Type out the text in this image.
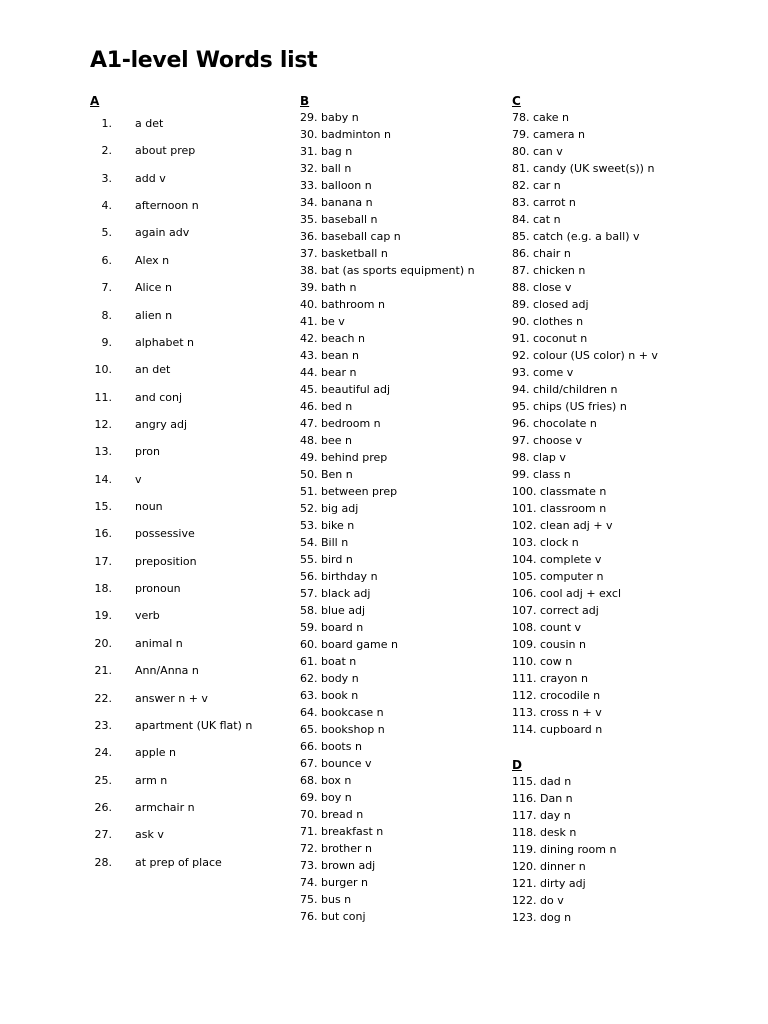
A1-level Words list
A
1. a det
2. about prep
3. add v
4. afternoon n
5. again adv
6. Alex n
7. Alice n
8. alien n
9. alphabet n
10. an det
11. and conj
12. angry adj
13. pron
14. v
15. noun
16. possessive
17. preposition
18. pronoun
19. verb
20. animal n
21. Ann/Anna n
22. answer n + v
23. apartment (UK flat) n
24. apple n
25. arm n
26. armchair n
27. ask v
28. at prep of place
B
29. baby n
30. badminton n
31. bag n
32. ball n
33. balloon n
34. banana n
35. baseball n
36. baseball cap n
37. basketball n
38. bat (as sports equipment) n
39. bath n
40. bathroom n
41. be v
42. beach n
43. bean n
44. bear n
45. beautiful adj
46. bed n
47. bedroom n
48. bee n
49. behind prep
50. Ben n
51. between prep
52. big adj
53. bike n
54. Bill n
55. bird n
56. birthday n
57. black adj
58. blue adj
59. board n
60. board game n
61. boat n
62. body n
63. book n
64. bookcase n
65. bookshop n
66. boots n
67. bounce v
68. box n
69. boy n
70. bread n
71. breakfast n
72. brother n
73. brown adj
74. burger n
75. bus n
76. but conj
C
78. cake n
79. camera n
80. can v
81. candy (UK sweet(s)) n
82. car n
83. carrot n
84. cat n
85. catch (e.g. a ball) v
86. chair n
87. chicken n
88. close v
89. closed adj
90. clothes n
91. coconut n
92. colour (US color) n + v
93. come v
94. child/children n
95. chips (US fries) n
96. chocolate n
97. choose v
98. clap v
99. class n
100. classmate n
101. classroom n
102. clean adj + v
103. clock n
104. complete v
105. computer n
106. cool adj + excl
107. correct adj
108. count v
109. cousin n
110. cow n
111. crayon n
112. crocodile n
113. cross n + v
114. cupboard n
D
115. dad n
116. Dan n
117. day n
118. desk n
119. dining room n
120. dinner n
121. dirty adj
122. do v
123. dog n
